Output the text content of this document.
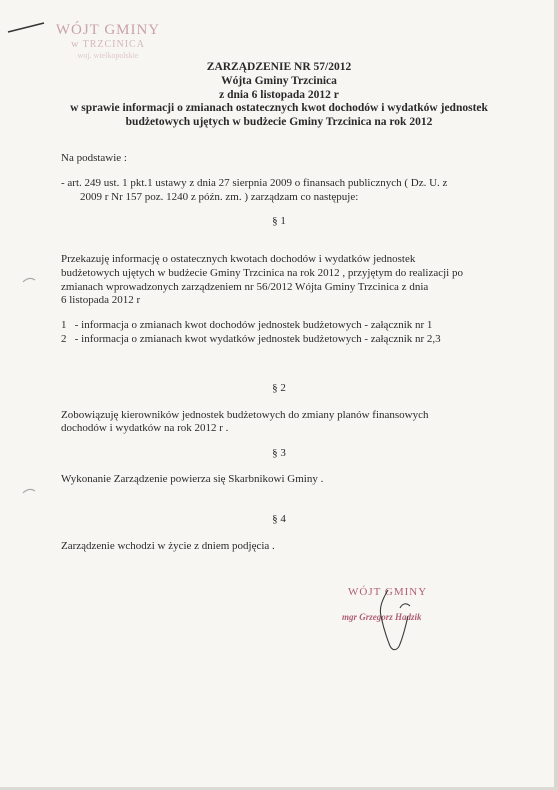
WÓJT GMINY
w TRZCINICA
woj. wielkopolskie
ZARZĄDZENIE NR 57/2012
Wójta Gminy Trzcinica
z dnia 6 listopada 2012 r
w sprawie informacji o zmianach ostatecznych kwot dochodów i wydatków jednostek
budżetowych ujętych w budżecie Gminy Trzcinica na rok 2012
Na podstawie :
- art. 249 ust. 1 pkt.1 ustawy z dnia 27 sierpnia 2009 o finansach publicznych ( Dz. U. z
2009 r Nr 157 poz. 1240 z późn. zm. ) zarządzam co następuje:
§ 1
Przekazuję informację o ostatecznych kwotach dochodów i wydatków jednostek
budżetowych ujętych w budżecie Gminy Trzcinica na rok 2012 , przyjętym do realizacji po
zmianach wprowadzonych zarządzeniem nr 56/2012 Wójta Gminy Trzcinica z dnia
6 listopada 2012 r
1 - informacja o zmianach kwot dochodów jednostek budżetowych - załącznik nr 1
2 - informacja o zmianach kwot wydatków jednostek budżetowych - załącznik nr 2,3
§ 2
Zobowiązuję kierowników jednostek budżetowych do zmiany planów finansowych
dochodów i wydatków na rok 2012 r .
§ 3
Wykonanie Zarządzenie powierza się Skarbnikowi Gminy .
§ 4
Zarządzenie wchodzi w życie z dniem podjęcia .
WÓJT GMINY
mgr Grzegorz Hadzik
